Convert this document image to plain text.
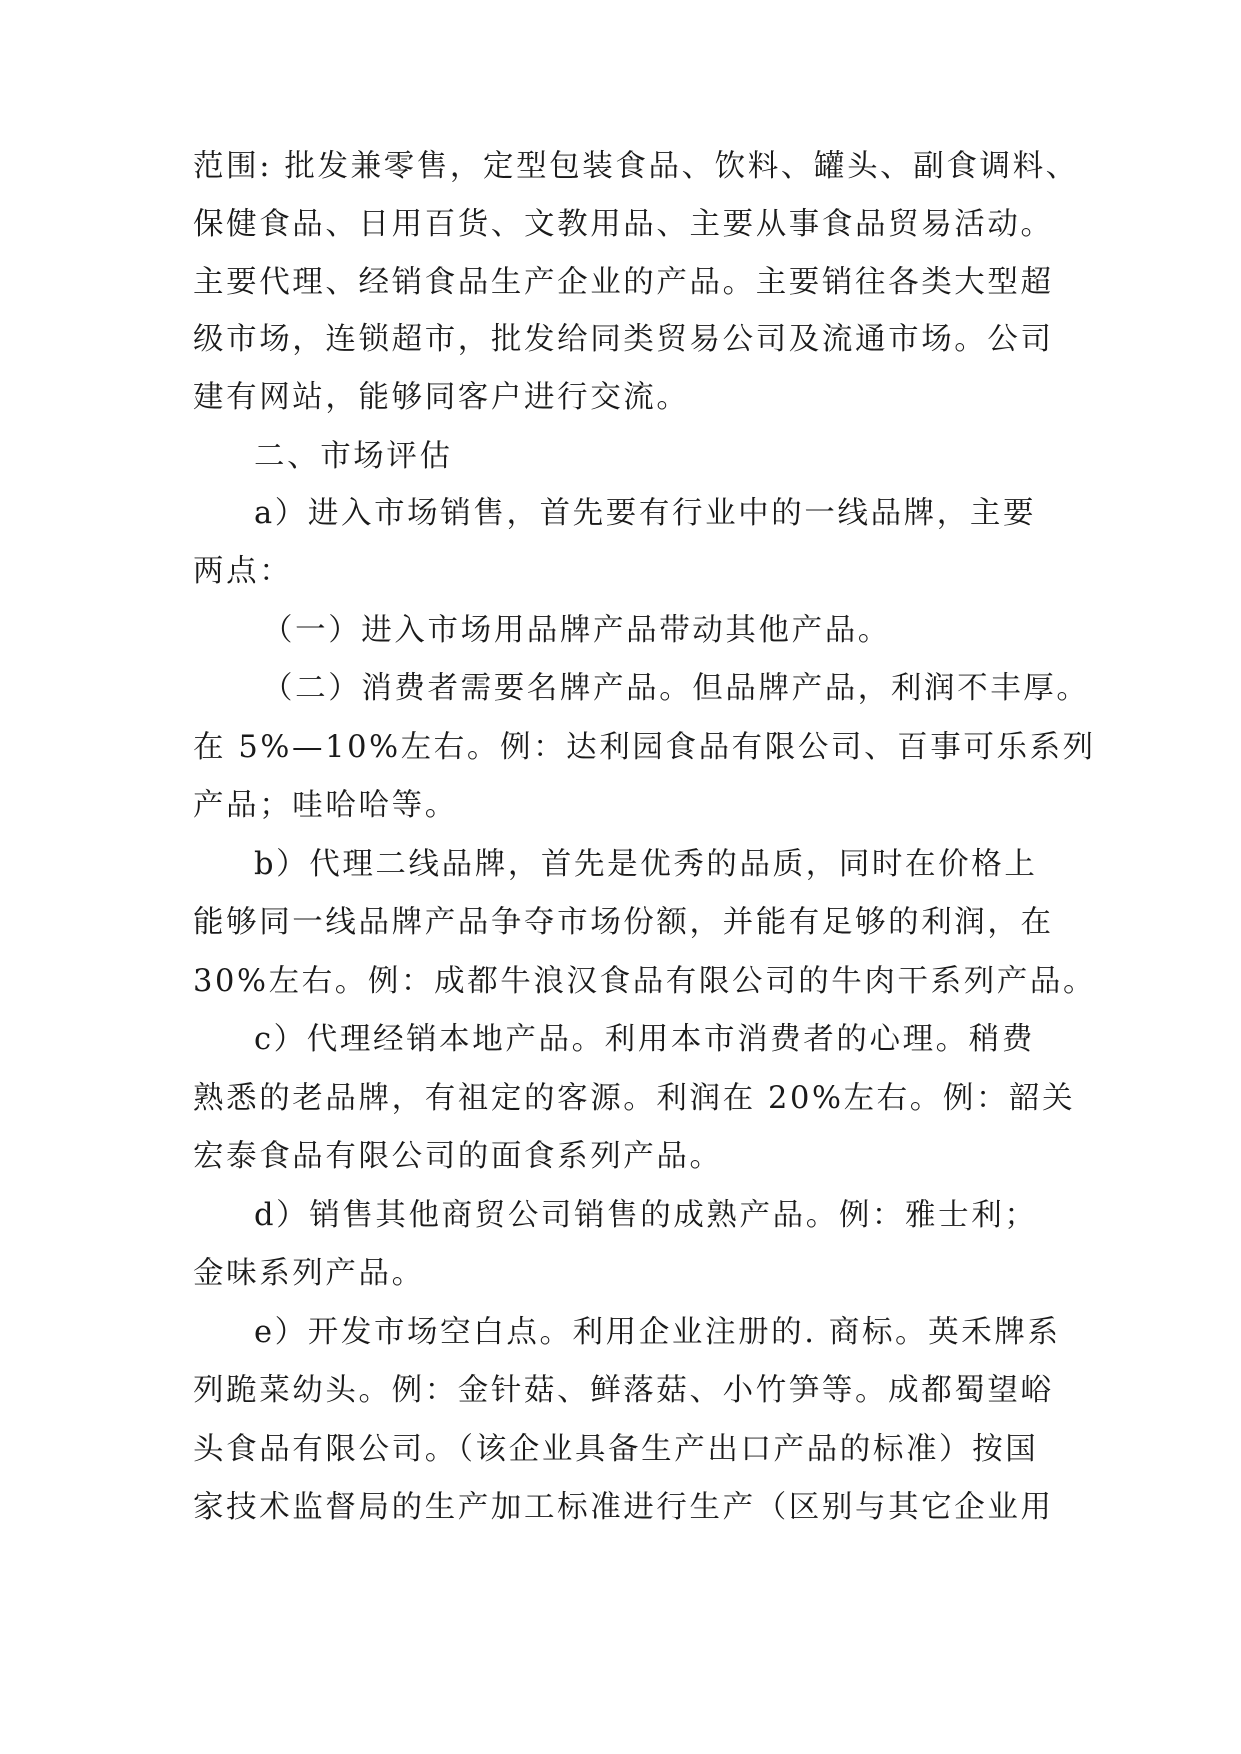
范围: 批发兼零售，定型包装食品、饮料、罐头、副食调料、
保健食品、日用百货、文教用品、主要从事食品贸易活动。
主要代理、经销食品生产企业的产品。主要销往各类大型超
级市场，连锁超市，批发给同类贸易公司及流通市场。公司
建有网站，能够同客户进行交流。
二、市场评估
a）进入市场销售，首先要有行业中的一线品牌，主要
两点：
（一）进入市场用品牌产品带动其他产品。
（二）消费者需要名牌产品。但品牌产品，利润不丰厚。
在 5%—10%左右。例：达利园食品有限公司、百事可乐系列
产品；哇哈哈等。
b）代理二线品牌，首先是优秀的品质，同时在价格上
能够同一线品牌产品争夺市场份额，并能有足够的利润，在
30%左右。例：成都牛浪汉食品有限公司的牛肉干系列产品。
c）代理经销本地产品。利用本市消费者的心理。稍费
熟悉的老品牌，有祖定的客源。利润在 20%左右。例：韶关
宏泰食品有限公司的面食系列产品。
d）销售其他商贸公司销售的成熟产品。例：雅士利；
金味系列产品。
e）开发市场空白点。利用企业注册的. 商标。英禾牌系
列跪菜幼头。例：金针菇、鲜落菇、小竹笋等。成都蜀望峪
头食品有限公司。（该企业具备生产出口产品的标准）按国
家技术监督局的生产加工标准进行生产（区别与其它企业用
